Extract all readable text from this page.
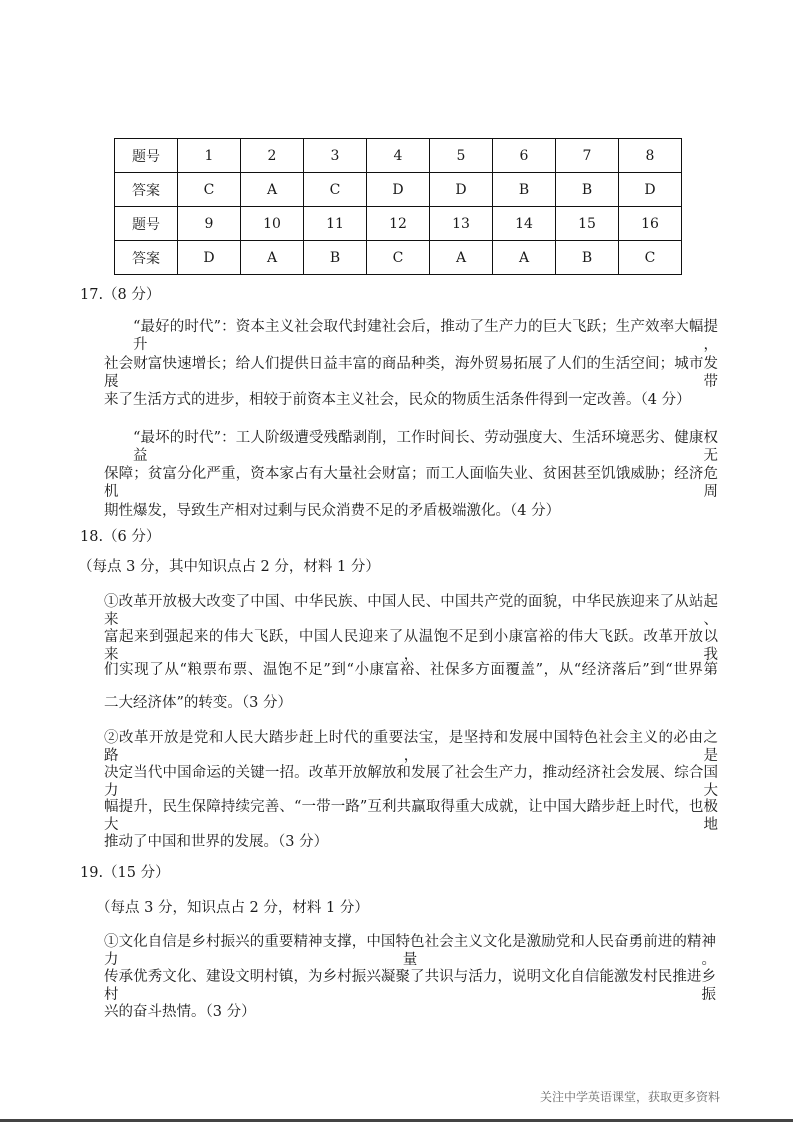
题号	1	2	3	4	5	6	7	8
答案	C	A	C	D	D	B	B	D
题号	9	10	11	12	13	14	15	16
答案	D	A	B	C	A	A	B	C
17.（8 分）
“最好的时代”：资本主义社会取代封建社会后，推动了生产力的巨大飞跃；生产效率大幅提升，
社会财富快速增长；给人们提供日益丰富的商品种类，海外贸易拓展了人们的生活空间；城市发展带
来了生活方式的进步，相较于前资本主义社会，民众的物质生活条件得到一定改善。（4 分）
“最坏的时代”：工人阶级遭受残酷剥削，工作时间长、劳动强度大、生活环境恶劣、健康权益无
保障；贫富分化严重，资本家占有大量社会财富；而工人面临失业、贫困甚至饥饿威胁；经济危机周
期性爆发，导致生产相对过剩与民众消费不足的矛盾极端激化。（4 分）
18.（6 分）
（每点 3 分，其中知识点占 2 分，材料 1 分）
①改革开放极大改变了中国、中华民族、中国人民、中国共产党的面貌，中华民族迎来了从站起来、
富起来到强起来的伟大飞跃，中国人民迎来了从温饱不足到小康富裕的伟大飞跃。改革开放以来，我
们实现了从“粮票布票、温饱不足”到“小康富裕、社保多方面覆盖”，从“经济落后”到“世界第
二大经济体”的转变。（3 分）
②改革开放是党和人民大踏步赶上时代的重要法宝，是坚持和发展中国特色社会主义的必由之路，是
决定当代中国命运的关键一招。改革开放解放和发展了社会生产力，推动经济社会发展、综合国力大
幅提升，民生保障持续完善、“一带一路”互利共赢取得重大成就，让中国大踏步赶上时代，也极大地
推动了中国和世界的发展。（3 分）
19.（15 分）
（每点 3 分，知识点占 2 分，材料 1 分）
①文化自信是乡村振兴的重要精神支撑，中国特色社会主义文化是激励党和人民奋勇前进的精神力量。
传承优秀文化、建设文明村镇，为乡村振兴凝聚了共识与活力，说明文化自信能激发村民推进乡村振
兴的奋斗热情。（3 分）
关注中学英语课堂，获取更多资料
